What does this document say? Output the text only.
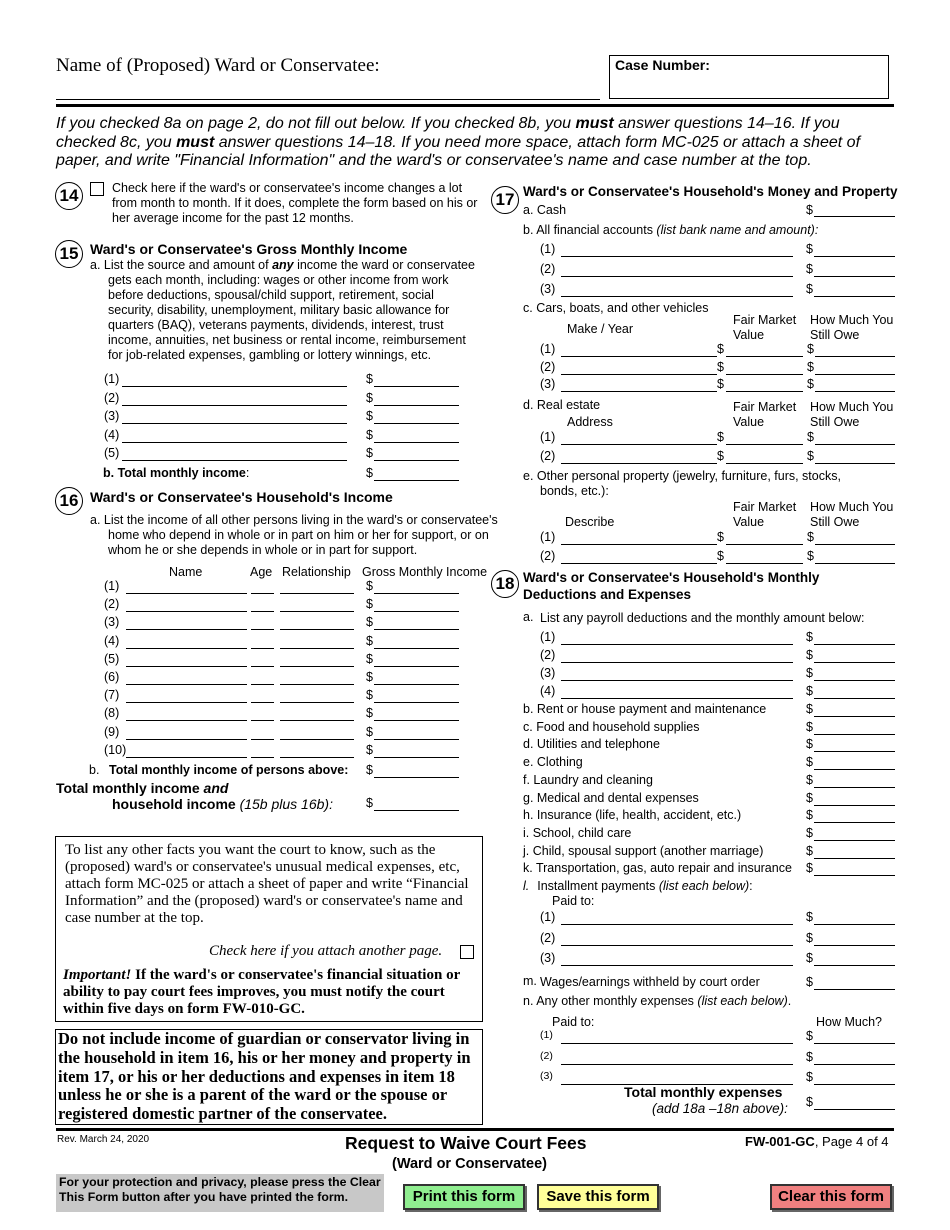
Name of (Proposed) Ward or Conservatee:	Case Number:
If you checked 8a on page 2, do not fill out below. If you checked 8b, you must answer questions 14–16. If you checked 8c, you must answer questions 14–18. If you need more space, attach form MC-025 or attach a sheet of paper, and write "Financial Information" and the ward's or conservatee's name and case number at the top.
14	Check here if the ward's or conservatee's income changes a lot from month to month. If it does, complete the form based on his or her average income for the past 12 months.
15 Ward's or Conservatee's Gross Monthly Income
a. List the source and amount of any income the ward or conservatee gets each month, including: wages or other income from work before deductions, spousal/child support, retirement, social security, disability, unemployment, military basic allowance for quarters (BAQ), veterans payments, dividends, interest, trust income, annuities, net business or rental income, reimbursement for job-related expenses, gambling or lottery winnings, etc.
(1)	$
(2)	$
(3)	$
(4)	$
(5)	$
b. Total monthly income:	$
16 Ward's or Conservatee's Household's Income
a. List the income of all other persons living in the ward's or conservatee's home who depend in whole or in part on him or her for support, or on whom he or she depends in whole or in part for support.
Name	Age Relationship Gross Monthly Income
(1)	$
(2)	$
(3)	$
(4)	$
(5)	$
(6)	$
(7)	$
(8)	$
(9)	$
(10)	$
b. Total monthly income of persons above: $
Total monthly income and
household income (15b plus 16b):	$
To list any other facts you want the court to know, such as the (proposed) ward's or conservatee's unusual medical expenses, etc, attach form MC-025 or attach a sheet of paper and write “Financial Information” and the (proposed) ward's or conservatee's name and case number at the top.
Check here if you attach another page.
Important! If the ward's or conservatee's financial situation or ability to pay court fees improves, you must notify the court within five days on form FW-010-GC.
Do not include income of guardian or conservator living in the household in item 16, his or her money and property in item 17, or his or her deductions and expenses in item 18 unless he or she is a parent of the ward or the spouse or registered domestic partner of the conservatee.
17 Ward's or Conservatee's Household's Money and Property
a. Cash	$
b. All financial accounts (list bank name and amount):
(1)	$
(2)	$
(3)	$
c. Cars, boats, and other vehicles
Make / Year
Fair Market
Value
How Much You
Still Owe
(1)	$	$
(2)	$	$
(3)	$	$
d. Real estate
Address
Fair Market
Value
How Much You
Still Owe
(1)	$	$
(2)	$	$
e. Other personal property (jewelry, furniture, furs, stocks, bonds, etc.):
Describe
Fair Market
Value
How Much You
Still Owe
(1)	$	$
(2)	$	$
18 Ward's or Conservatee's Household's Monthly
Deductions and Expenses
a. List any payroll deductions and the monthly amount below:
(1)	$
(2)	$
(3)	$
(4)	$
b. Rent or house payment and maintenance	$
c. Food and household supplies	$
d. Utilities and telephone	$
e. Clothing	$
f. Laundry and cleaning	$
g. Medical and dental expenses	$
h. Insurance (life, health, accident, etc.)	$
i. School, child care	$
j. Child, spousal support (another marriage)	$
k. Transportation, gas, auto repair and insurance $
l. Installment payments (list each below):
Paid to:
(1)	$
(2)	$
(3)	$
m. Wages/earnings withheld by court order	$
n. Any other monthly expenses (list each below).
Paid to:	How Much?
(1)	$
(2)	$
(3)	$
Total monthly expenses
(add 18a –18n above): $
Rev. March 24, 2020	Request to Waive Court Fees
(Ward or Conservatee)
FW-001-GC, Page 4 of 4
For your protection and privacy, please press the Clear This Form button after you have printed the form.	Print this form	Save this form	Clear this form
